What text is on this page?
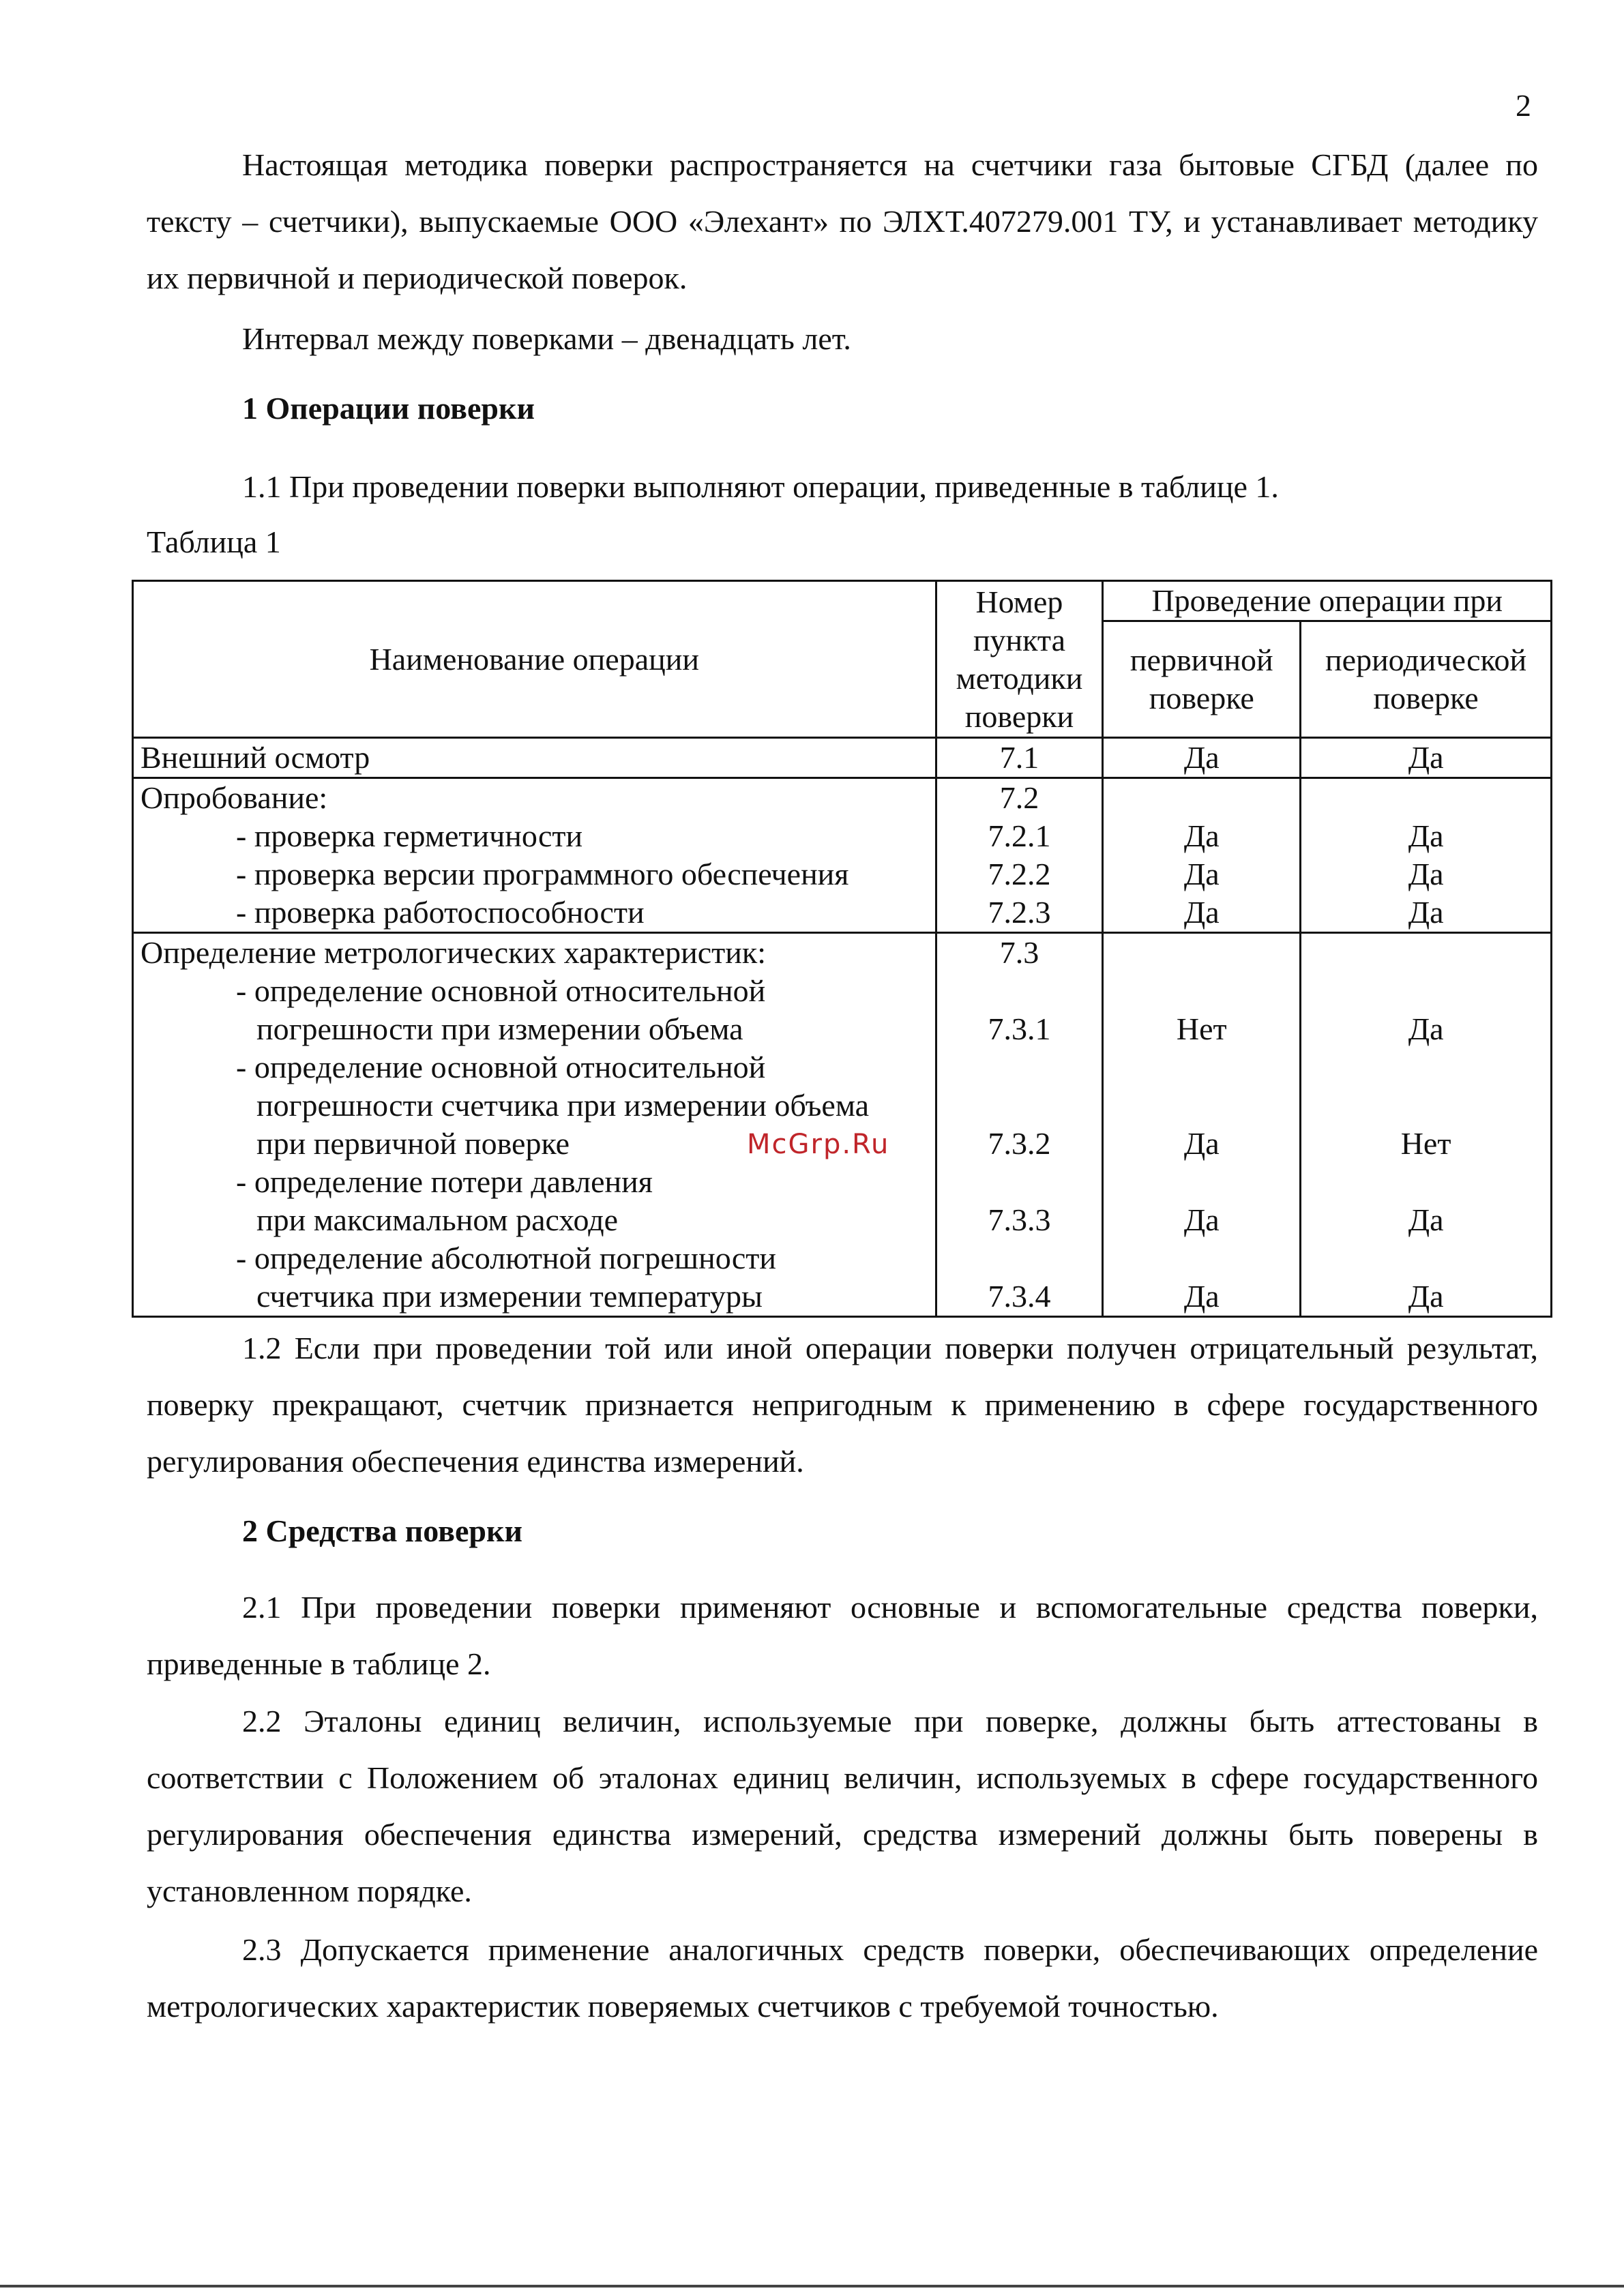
2

Настоящая методика поверки распространяется на счетчики газа бытовые СГБД (далее по тексту – счетчики), выпускаемые ООО «Элехант» по ЭЛХТ.407279.001 ТУ, и устанавливает методику их первичной и периодической поверок.

Интервал между поверками – двенадцать лет.

1 Операции поверки

1.1 При проведении поверки выполняют операции, приведенные в таблице 1.

Таблица 1

Наименование операции	Номер пункта методики поверки	Проведение операции при	
		первичной поверке	периодической поверке
Внешний осмотр	7.1	Да	Да
Опробование:	7.2		

- проверка герметичности	7.2.1	Да	Да

- проверка версии программного обеспечения	7.2.2	Да	Да

- проверка работоспособности	7.2.3	Да	Да
Определение метрологических характеристик:	7.3		

- определение основной относительной
погрешности при измерении объема	7.3.1	Нет	Да

- определение основной относительной
погрешности счетчика при измерении объема
при первичной поверке	7.3.2	Да	Нет

- определение потери давления
при максимальном расходе	7.3.3	Да	Да

- определение абсолютной погрешности
счетчика при измерении температуры	7.3.4	Да	Да
McGrp.Ru

1.2 Если при проведении той или иной операции поверки получен отрицательный результат, поверку прекращают, счетчик признается непригодным к применению в сфере государственного регулирования обеспечения единства измерений.

2 Средства поверки

2.1 При проведении поверки применяют основные и вспомогательные средства поверки, приведенные в таблице 2.

2.2 Эталоны единиц величин, используемые при поверке, должны быть аттестованы в соответствии с Положением об эталонах единиц величин, используемых в сфере государственного регулирования обеспечения единства измерений, средства измерений должны быть поверены в установленном порядке.

2.3 Допускается применение аналогичных средств поверки, обеспечивающих определение метрологических характеристик поверяемых счетчиков с требуемой точностью.
